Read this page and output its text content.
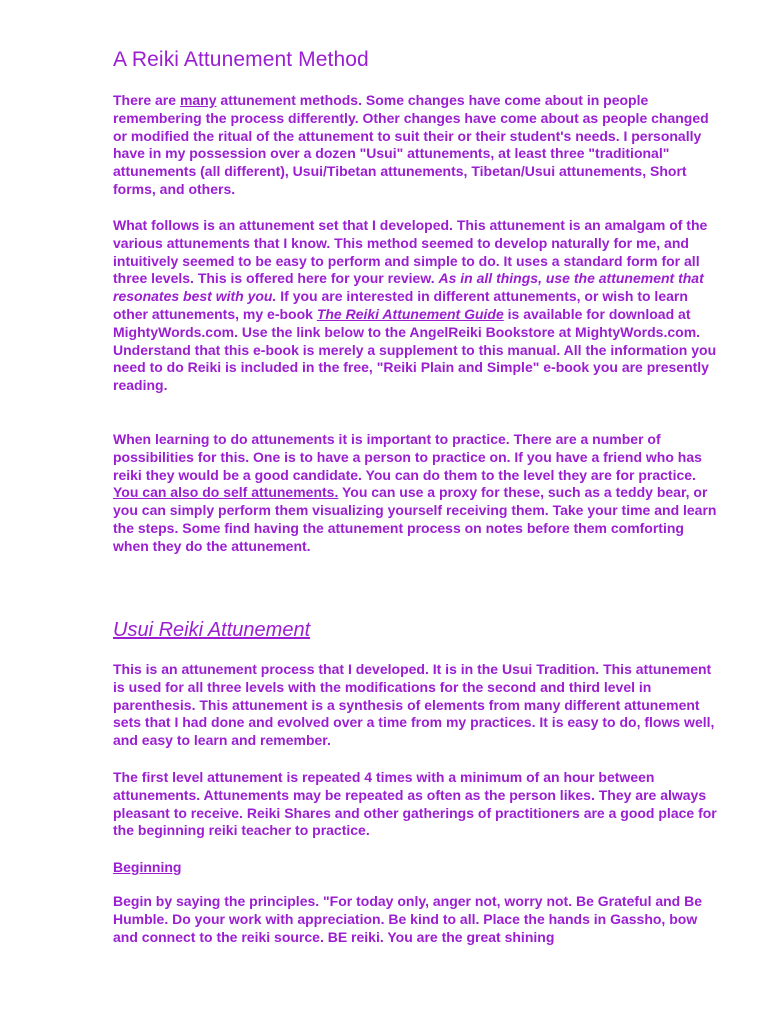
A Reiki Attunement Method

There are many attunement methods. Some changes have come about in people remembering the process differently. Other changes have come about as people changed or modified the ritual of the attunement to suit their or their student's needs. I personally have in my possession over a dozen "Usui" attunements, at least three "traditional" attunements (all different), Usui/Tibetan attunements, Tibetan/Usui attunements, Short forms, and others.

What follows is an attunement set that I developed. This attunement is an amalgam of the various attunements that I know. This method seemed to develop naturally for me, and intuitively seemed to be easy to perform and simple to do. It uses a standard form for all three levels. This is offered here for your review. As in all things, use the attunement that resonates best with you. If you are interested in different attunements, or wish to learn other attunements, my e-book The Reiki Attunement Guide is available for download at MightyWords.com. Use the link below to the AngelReiki Bookstore at MightyWords.com. Understand that this e-book is merely a supplement to this manual. All the information you need to do Reiki is included in the free, "Reiki Plain and Simple" e-book you are presently reading.

When learning to do attunements it is important to practice. There are a number of possibilities for this. One is to have a person to practice on. If you have a friend who has reiki they would be a good candidate. You can do them to the level they are for practice. You can also do self attunements. You can use a proxy for these, such as a teddy bear, or you can simply perform them visualizing yourself receiving them. Take your time and learn the steps. Some find having the attunement process on notes before them comforting when they do the attunement.

Usui Reiki Attunement

This is an attunement process that I developed. It is in the Usui Tradition. This attunement is used for all three levels with the modifications for the second and third level in parenthesis. This attunement is a synthesis of elements from many different attunement sets that I had done and evolved over a time from my practices. It is easy to do, flows well, and easy to learn and remember.

The first level attunement is repeated 4 times with a minimum of an hour between attunements. Attunements may be repeated as often as the person likes. They are always pleasant to receive. Reiki Shares and other gatherings of practitioners are a good place for the beginning reiki teacher to practice.

Beginning

Begin by saying the principles. "For today only, anger not, worry not. Be Grateful and Be Humble. Do your work with appreciation. Be kind to all. Place the hands in Gassho, bow and connect to the reiki source. BE reiki. You are the great shining
